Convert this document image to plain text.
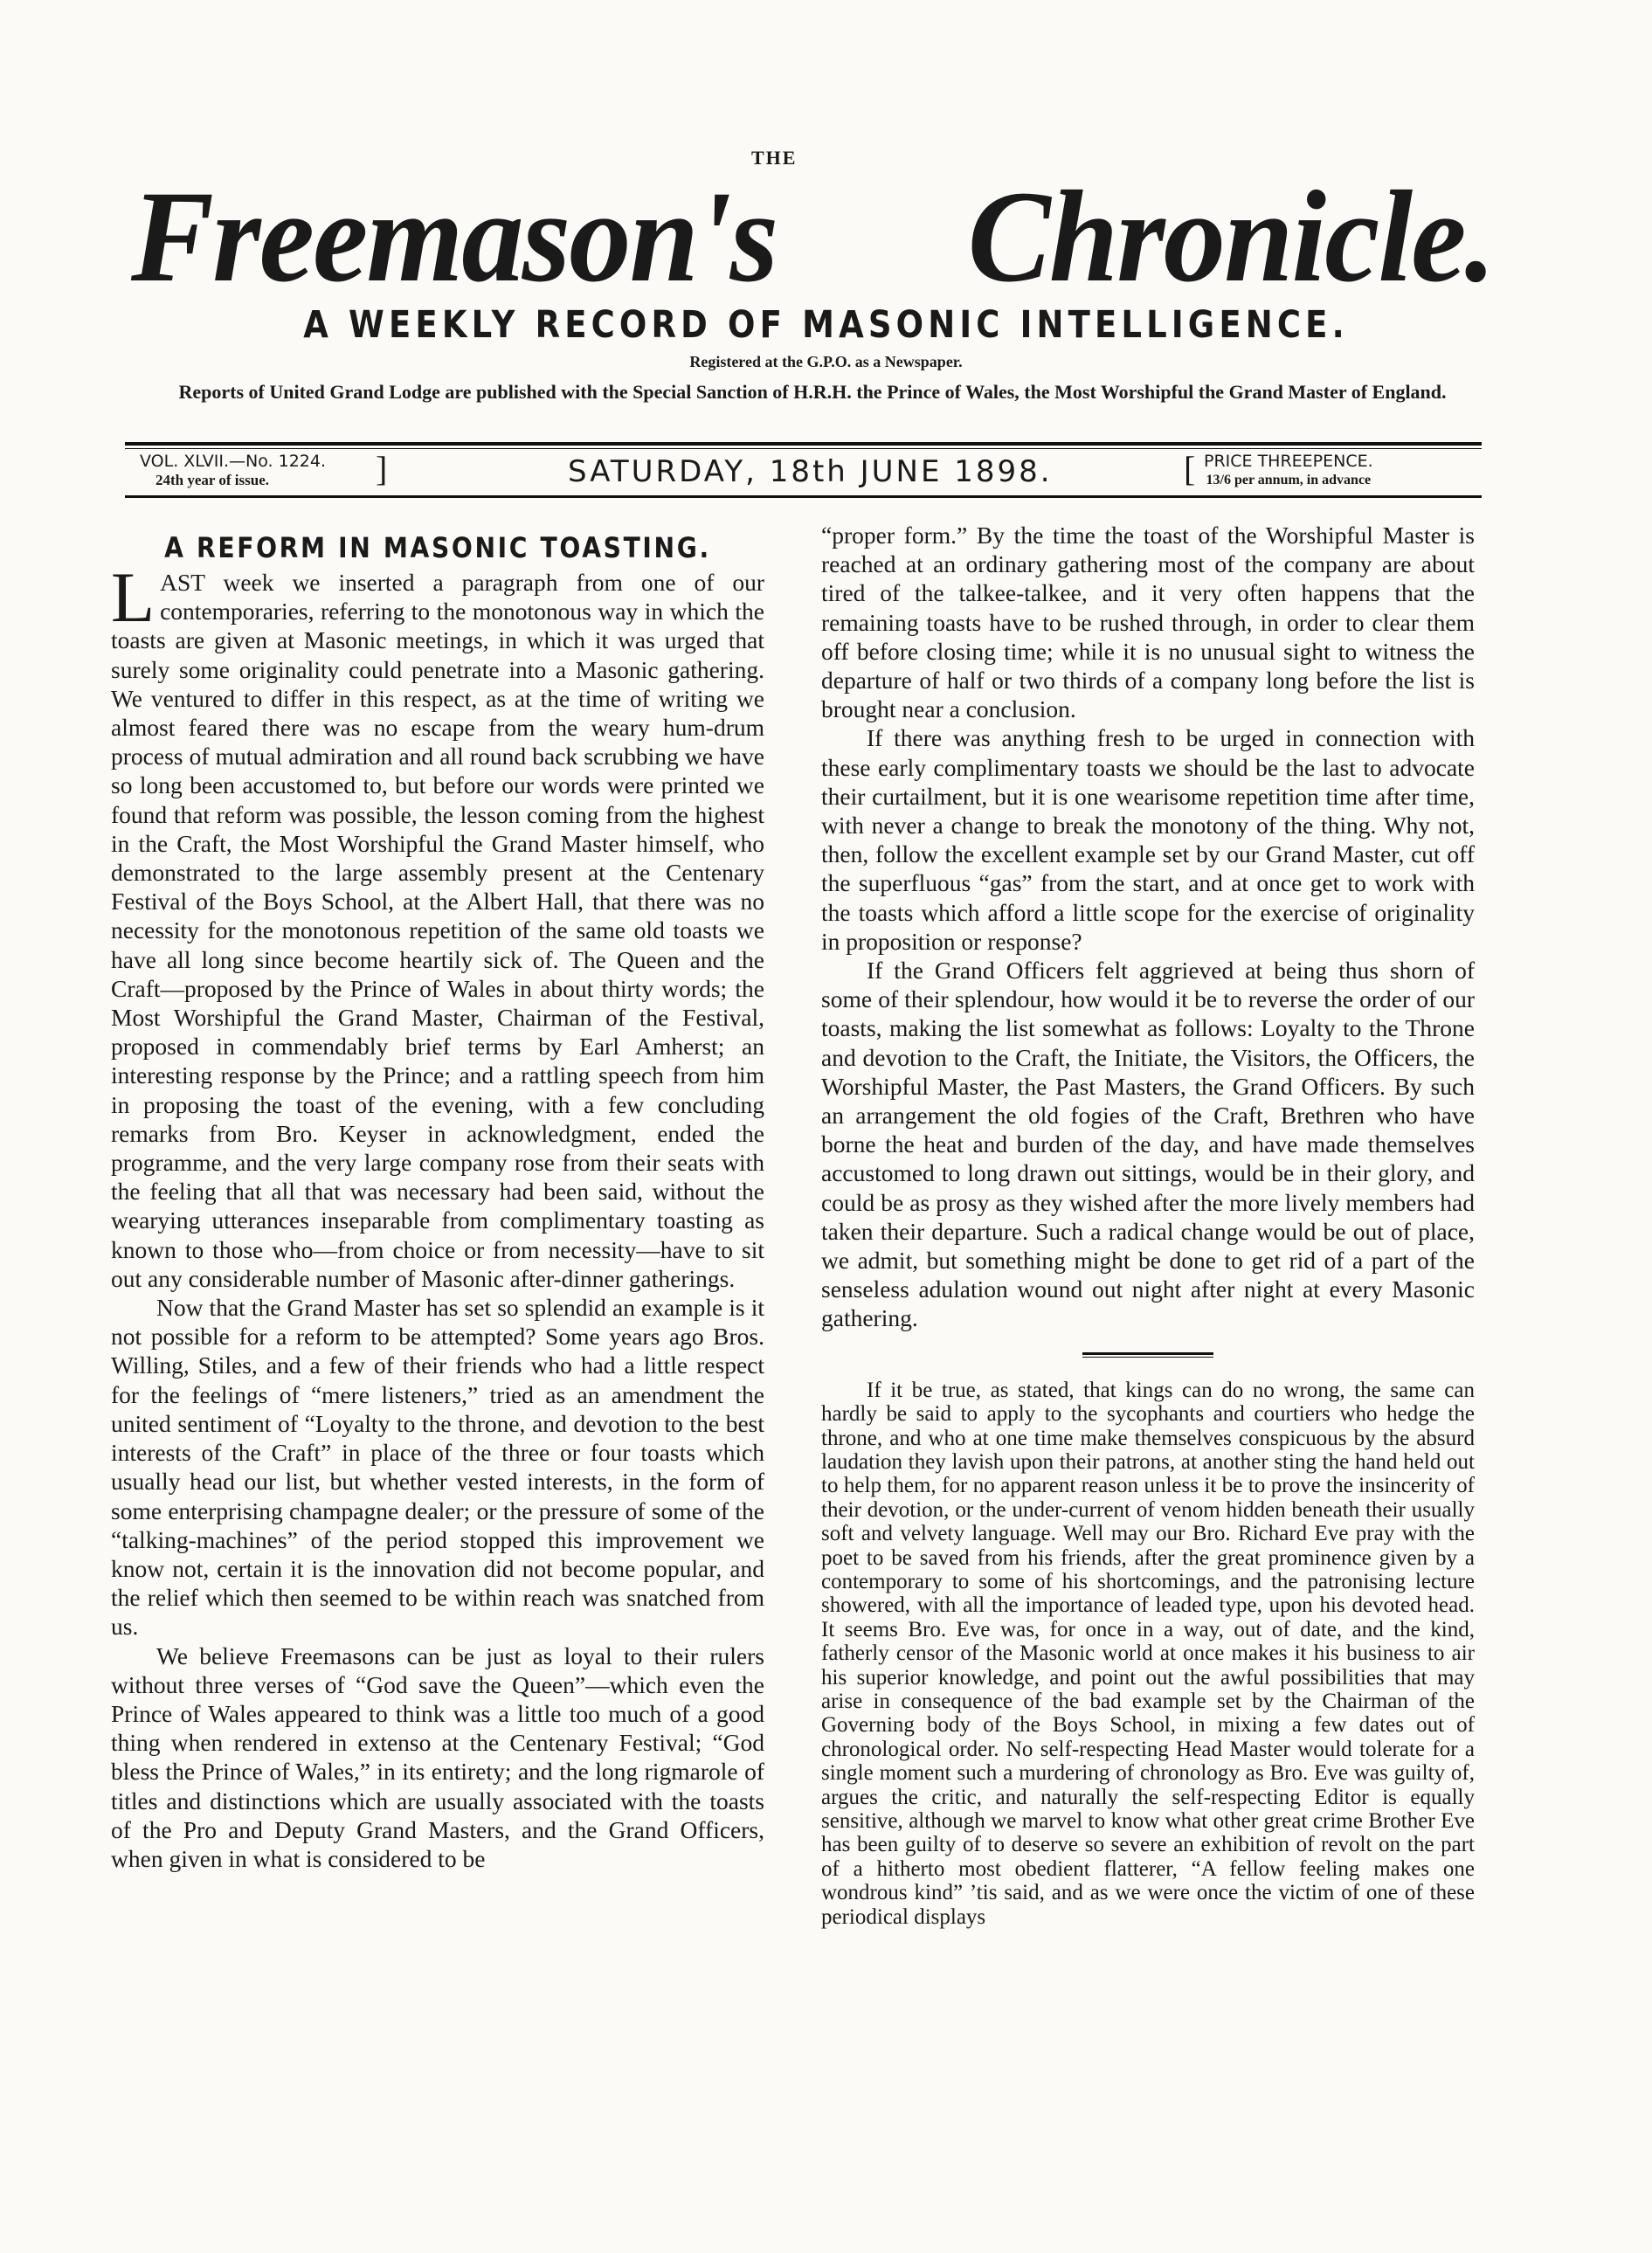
THE
Freemason's Chronicle.
A WEEKLY RECORD OF MASONIC INTELLIGENCE.
Registered at the G.P.O. as a Newspaper.
Reports of United Grand Lodge are published with the Special Sanction of H.R.H. the Prince of Wales, the Most Worshipful the Grand Master of England.
VOL. XLVII.—No. 1224.
24th year of issue.	]	SATURDAY, 18th JUNE 1898.	[ PRICE THREEPENCE.
13/6 per annum, in advance
A REFORM IN MASONIC TOASTING.

L AST week we inserted a paragraph from one of our contemporaries, referring to the monotonous way in which the toasts are given at Masonic meetings, in which it was urged that surely some originality could penetrate into a Masonic gathering. We ventured to differ in this respect, as at the time of writing we almost feared there was no escape from the weary hum-drum process of mutual admiration and all round back scrubbing we have so long been accustomed to, but before our words were printed we found that reform was possible, the lesson coming from the highest in the Craft, the Most Worshipful the Grand Master himself, who demonstrated to the large assembly present at the Centenary Festival of the Boys School, at the Albert Hall, that there was no necessity for the monotonous repetition of the same old toasts we have all long since become heartily sick of. The Queen and the Craft—proposed by the Prince of Wales in about thirty words; the Most Worshipful the Grand Master, Chairman of the Festival, proposed in commendably brief terms by Earl Amherst; an interesting response by the Prince; and a rattling speech from him in proposing the toast of the evening, with a few concluding remarks from Bro. Keyser in acknowledgment, ended the programme, and the very large company rose from their seats with the feeling that all that was necessary had been said, without the wearying utterances inseparable from complimentary toasting as known to those who—from choice or from necessity—have to sit out any considerable number of Masonic after-dinner gatherings.

Now that the Grand Master has set so splendid an example is it not possible for a reform to be attempted? Some years ago Bros. Willing, Stiles, and a few of their friends who had a little respect for the feelings of “mere listeners,” tried as an amendment the united sentiment of “Loyalty to the throne, and devotion to the best interests of the Craft” in place of the three or four toasts which usually head our list, but whether vested interests, in the form of some enterprising champagne dealer; or the pressure of some of the “talking-machines” of the period stopped this improvement we know not, certain it is the innovation did not become popular, and the relief which then seemed to be within reach was snatched from us.

We believe Freemasons can be just as loyal to their rulers without three verses of “God save the Queen”—which even the Prince of Wales appeared to think was a little too much of a good thing when rendered in extenso at the Centenary Festival; “God bless the Prince of Wales,” in its entirety; and the long rigmarole of titles and distinctions which are usually associated with the toasts of the Pro and Deputy Grand Masters, and the Grand Officers, when given in what is considered to be

“proper form.” By the time the toast of the Worshipful Master is reached at an ordinary gathering most of the company are about tired of the talkee-talkee, and it very often happens that the remaining toasts have to be rushed through, in order to clear them off before closing time; while it is no unusual sight to witness the departure of half or two thirds of a company long before the list is brought near a conclusion.

If there was anything fresh to be urged in connection with these early complimentary toasts we should be the last to advocate their curtailment, but it is one wearisome repetition time after time, with never a change to break the monotony of the thing. Why not, then, follow the excellent example set by our Grand Master, cut off the superfluous “gas” from the start, and at once get to work with the toasts which afford a little scope for the exercise of originality in proposition or response?

If the Grand Officers felt aggrieved at being thus shorn of some of their splendour, how would it be to reverse the order of our toasts, making the list somewhat as follows: Loyalty to the Throne and devotion to the Craft, the Initiate, the Visitors, the Officers, the Worshipful Master, the Past Masters, the Grand Officers. By such an arrangement the old fogies of the Craft, Brethren who have borne the heat and burden of the day, and have made themselves accustomed to long drawn out sittings, would be in their glory, and could be as prosy as they wished after the more lively members had taken their departure. Such a radical change would be out of place, we admit, but something might be done to get rid of a part of the senseless adulation wound out night after night at every Masonic gathering.

If it be true, as stated, that kings can do no wrong, the same can hardly be said to apply to the sycophants and courtiers who hedge the throne, and who at one time make themselves conspicuous by the absurd laudation they lavish upon their patrons, at another sting the hand held out to help them, for no apparent reason unless it be to prove the insincerity of their devotion, or the under-current of venom hidden beneath their usually soft and velvety language. Well may our Bro. Richard Eve pray with the poet to be saved from his friends, after the great prominence given by a contemporary to some of his shortcomings, and the patronising lecture showered, with all the importance of leaded type, upon his devoted head. It seems Bro. Eve was, for once in a way, out of date, and the kind, fatherly censor of the Masonic world at once makes it his business to air his superior knowledge, and point out the awful possibilities that may arise in consequence of the bad example set by the Chairman of the Governing body of the Boys School, in mixing a few dates out of chronological order. No self-respecting Head Master would tolerate for a single moment such a murdering of chronology as Bro. Eve was guilty of, argues the critic, and naturally the self-respecting Editor is equally sensitive, although we marvel to know what other great crime Brother Eve has been guilty of to deserve so severe an exhibition of revolt on the part of a hitherto most obedient flatterer, “A fellow feeling makes one wondrous kind” ’tis said, and as we were once the victim of one of these periodical displays
